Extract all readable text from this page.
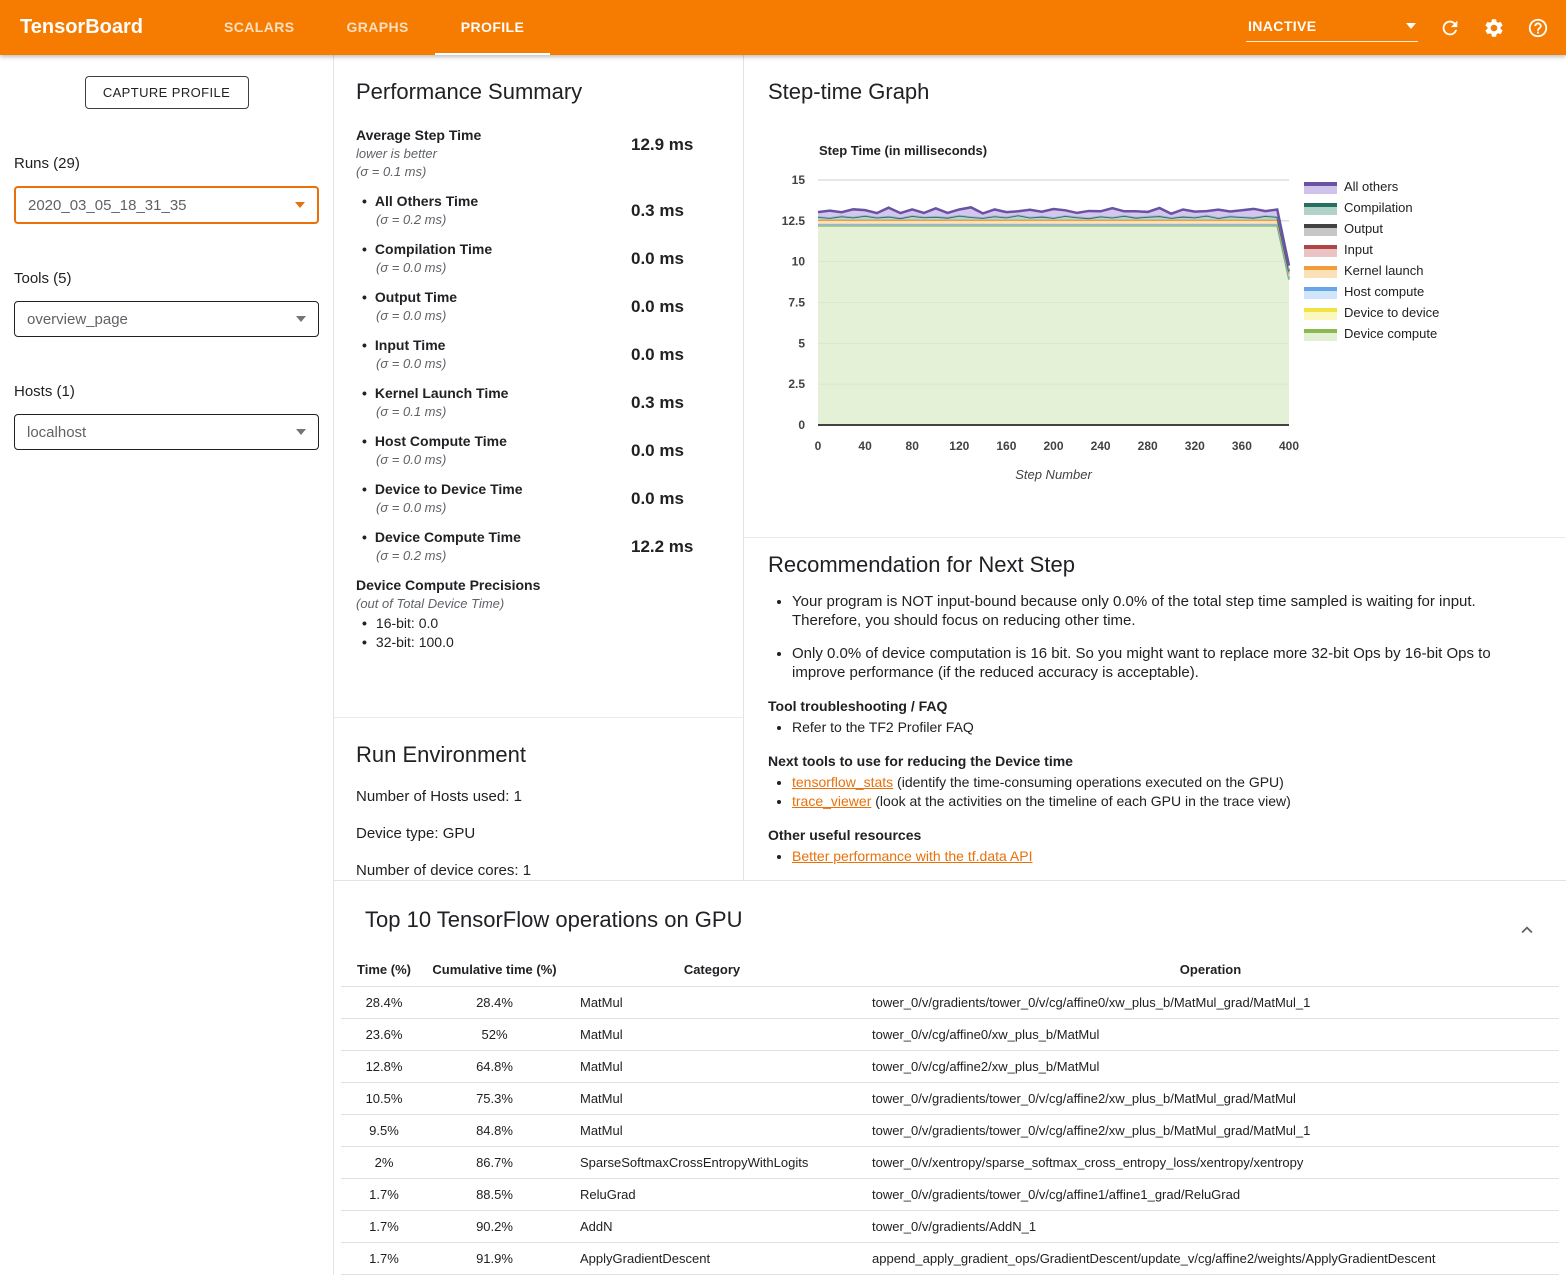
TensorBoard	SCALARS	GRAPHS	PROFILE	INACTIVE
CAPTURE PROFILE
Runs (29)
2020_03_05_18_31_35
Tools (5)
overview_page
Hosts (1)
localhost
Performance Summary
Average Step Time
lower is better
(σ = 0.1 ms)
12.9 ms
• All Others Time
(σ = 0.2 ms)	0.3 ms
• Compilation Time
(σ = 0.0 ms)	0.0 ms
• Output Time
(σ = 0.0 ms)	0.0 ms
• Input Time
(σ = 0.0 ms)	0.0 ms
• Kernel Launch Time
(σ = 0.1 ms)	0.3 ms
• Host Compute Time
(σ = 0.0 ms)	0.0 ms
• Device to Device Time
(σ = 0.0 ms)	0.0 ms
• Device Compute Time
(σ = 0.2 ms)	12.2 ms
Device Compute Precisions
(out of Total Device Time)
• 16-bit: 0.0
• 32-bit: 100.0
Run Environment
Number of Hosts used: 1
Device type: GPU
Number of device cores: 1
Step-time Graph
Step Time (in milliseconds)
0
2.5
5
7.5
10
12.5
15
0	40	80	120 160 200 240 280 320 360 400
Step Number
All others
Compilation
Output
Input
Kernel launch
Host compute
Device to device
Device compute
Recommendation for Next Step
• Your program is NOT input-bound because only 0.0% of the total step time sampled is waiting for input. Therefore, you should focus on reducing other time.
• Only 0.0% of device computation is 16 bit. So you might want to replace more 32-bit Ops by 16-bit Ops to improve performance (if the reduced accuracy is acceptable).
Tool troubleshooting / FAQ
• Refer to the TF2 Profiler FAQ
Next tools to use for reducing the Device time
• tensorflow_stats (identify the time-consuming operations executed on the GPU)
• trace_viewer (look at the activities on the timeline of each GPU in the trace view)
Other useful resources
• Better performance with the tf.data API
Top 10 TensorFlow operations on GPU
Time (%)	Cumulative time (%)	Category	Operation
28.4%	28.4%	MatMul	tower_0/v/gradients/tower_0/v/cg/affine0/xw_plus_b/MatMul_grad/MatMul_1
23.6%	52%	MatMul	tower_0/v/cg/affine0/xw_plus_b/MatMul
12.8%	64.8%	MatMul	tower_0/v/cg/affine2/xw_plus_b/MatMul
10.5%	75.3%	MatMul	tower_0/v/gradients/tower_0/v/cg/affine2/xw_plus_b/MatMul_grad/MatMul
9.5%	84.8%	MatMul	tower_0/v/gradients/tower_0/v/cg/affine2/xw_plus_b/MatMul_grad/MatMul_1
2%	86.7%	SparseSoftmaxCrossEntropyWithLogits	tower_0/v/xentropy/sparse_softmax_cross_entropy_loss/xentropy/xentropy
1.7%	88.5%	ReluGrad	tower_0/v/gradients/tower_0/v/cg/affine1/affine1_grad/ReluGrad
1.7%	90.2%	AddN	tower_0/v/gradients/AddN_1
1.7%	91.9%	ApplyGradientDescent	append_apply_gradient_ops/GradientDescent/update_v/cg/affine2/weights/ApplyGradientDescent
